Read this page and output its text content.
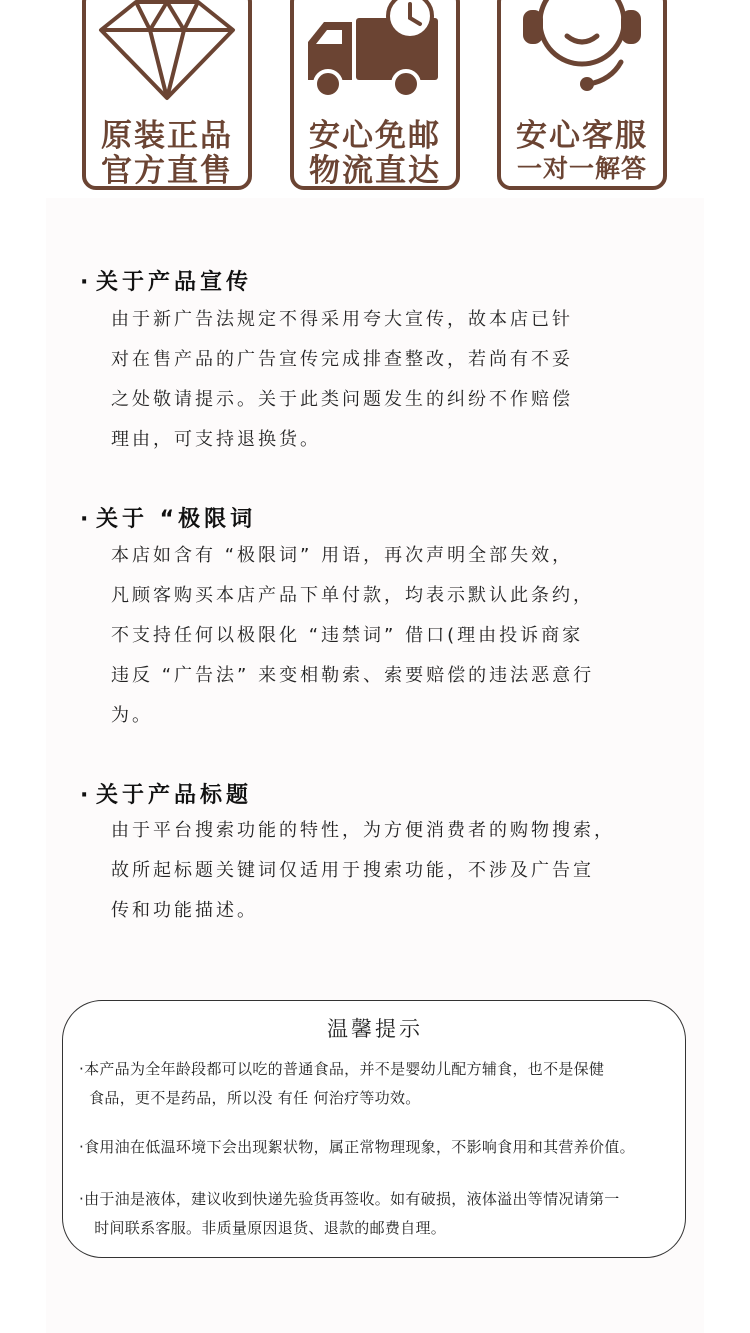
原装正品
官方直售
安心免邮
物流直达
安心客服
一对一解答
· 关于产品宣传
由于新广告法规定不得采用夸大宣传，故本店已针
对在售产品的广告宣传完成排查整改，若尚有不妥
之处敬请提示。关于此类问题发生的纠纷不作赔偿
理由，可支持退换货。
· 关于 “极限词
本店如含有 “极限词” 用语，再次声明全部失效，
凡顾客购买本店产品下单付款，均表示默认此条约，
不支持任何以极限化 “违禁词” 借口(理由投诉商家
违反 “广告法” 来变相勒索、索要赔偿的违法恶意行
为。
· 关于产品标题
由于平台搜索功能的特性，为方便消费者的购物搜索，
故所起标题关键词仅适用于搜索功能，不涉及广告宣
传和功能描述。
温馨提示
·本产品为全年龄段都可以吃的普通食品，并不是婴幼儿配方辅食，也不是保健
食品，更不是药品，所以没 有任 何治疗等功效。
·食用油在低温环境下会出现絮状物，属正常物理现象，不影响食用和其营养价值。
·由于油是液体，建议收到快递先验货再签收。如有破损，液体溢出等情况请第一
时间联系客服。非质量原因退货、退款的邮费自理。
